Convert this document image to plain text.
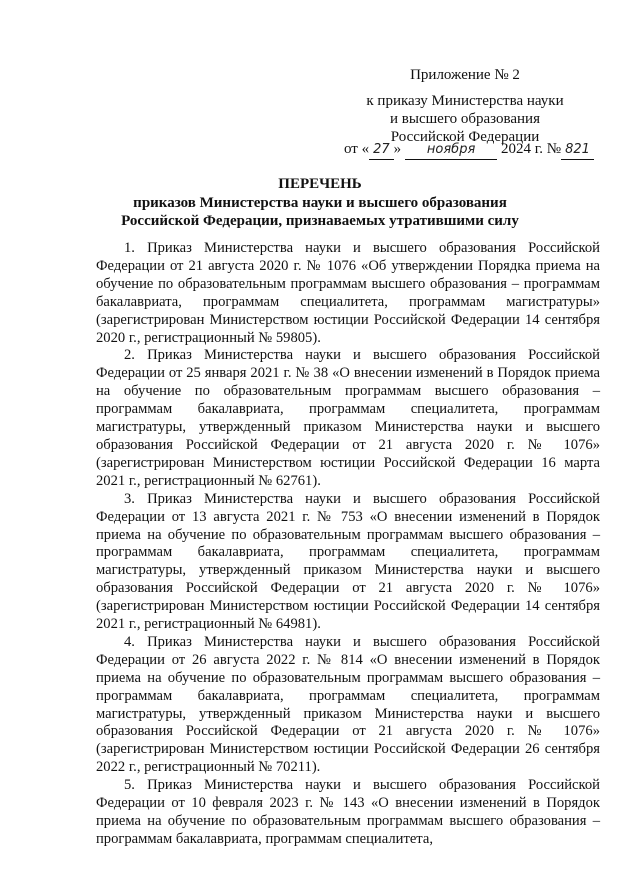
Приложение № 2
к приказу Министерства науки
и высшего образования
Российской Федерации
от « 27 » ноября 2024 г. № 821
ПЕРЕЧЕНЬ
приказов Министерства науки и высшего образования
Российской Федерации, признаваемых утратившими силу

1. Приказ Министерства науки и высшего образования Российской Федерации от 21 августа 2020 г. № 1076 «Об утверждении Порядка приема на обучение по образовательным программам высшего образования – программам бакалавриата, программам специалитета, программам магистратуры» (зарегистрирован Министерством юстиции Российской Федерации 14 сентября 2020 г., регистрационный № 59805).

2. Приказ Министерства науки и высшего образования Российской Федерации от 25 января 2021 г. № 38 «О внесении изменений в Порядок приема на обучение по образовательным программам высшего образования – программам бакалавриата, программам специалитета, программам магистратуры, утвержденный приказом Министерства науки и высшего образования Российской Федерации от 21 августа 2020 г. № 1076» (зарегистрирован Министерством юстиции Российской Федерации 16 марта 2021 г., регистрационный № 62761).

3. Приказ Министерства науки и высшего образования Российской Федерации от 13 августа 2021 г. № 753 «О внесении изменений в Порядок приема на обучение по образовательным программам высшего образования – программам бакалавриата, программам специалитета, программам магистратуры, утвержденный приказом Министерства науки и высшего образования Российской Федерации от 21 августа 2020 г. № 1076» (зарегистрирован Министерством юстиции Российской Федерации 14 сентября 2021 г., регистрационный № 64981).

4. Приказ Министерства науки и высшего образования Российской Федерации от 26 августа 2022 г. № 814 «О внесении изменений в Порядок приема на обучение по образовательным программам высшего образования – программам бакалавриата, программам специалитета, программам магистратуры, утвержденный приказом Министерства науки и высшего образования Российской Федерации от 21 августа 2020 г. № 1076» (зарегистрирован Министерством юстиции Российской Федерации 26 сентября 2022 г., регистрационный № 70211).

5. Приказ Министерства науки и высшего образования Российской Федерации от 10 февраля 2023 г. № 143 «О внесении изменений в Порядок приема на обучение по образовательным программам высшего образования – программам бакалавриата, программам специалитета,
